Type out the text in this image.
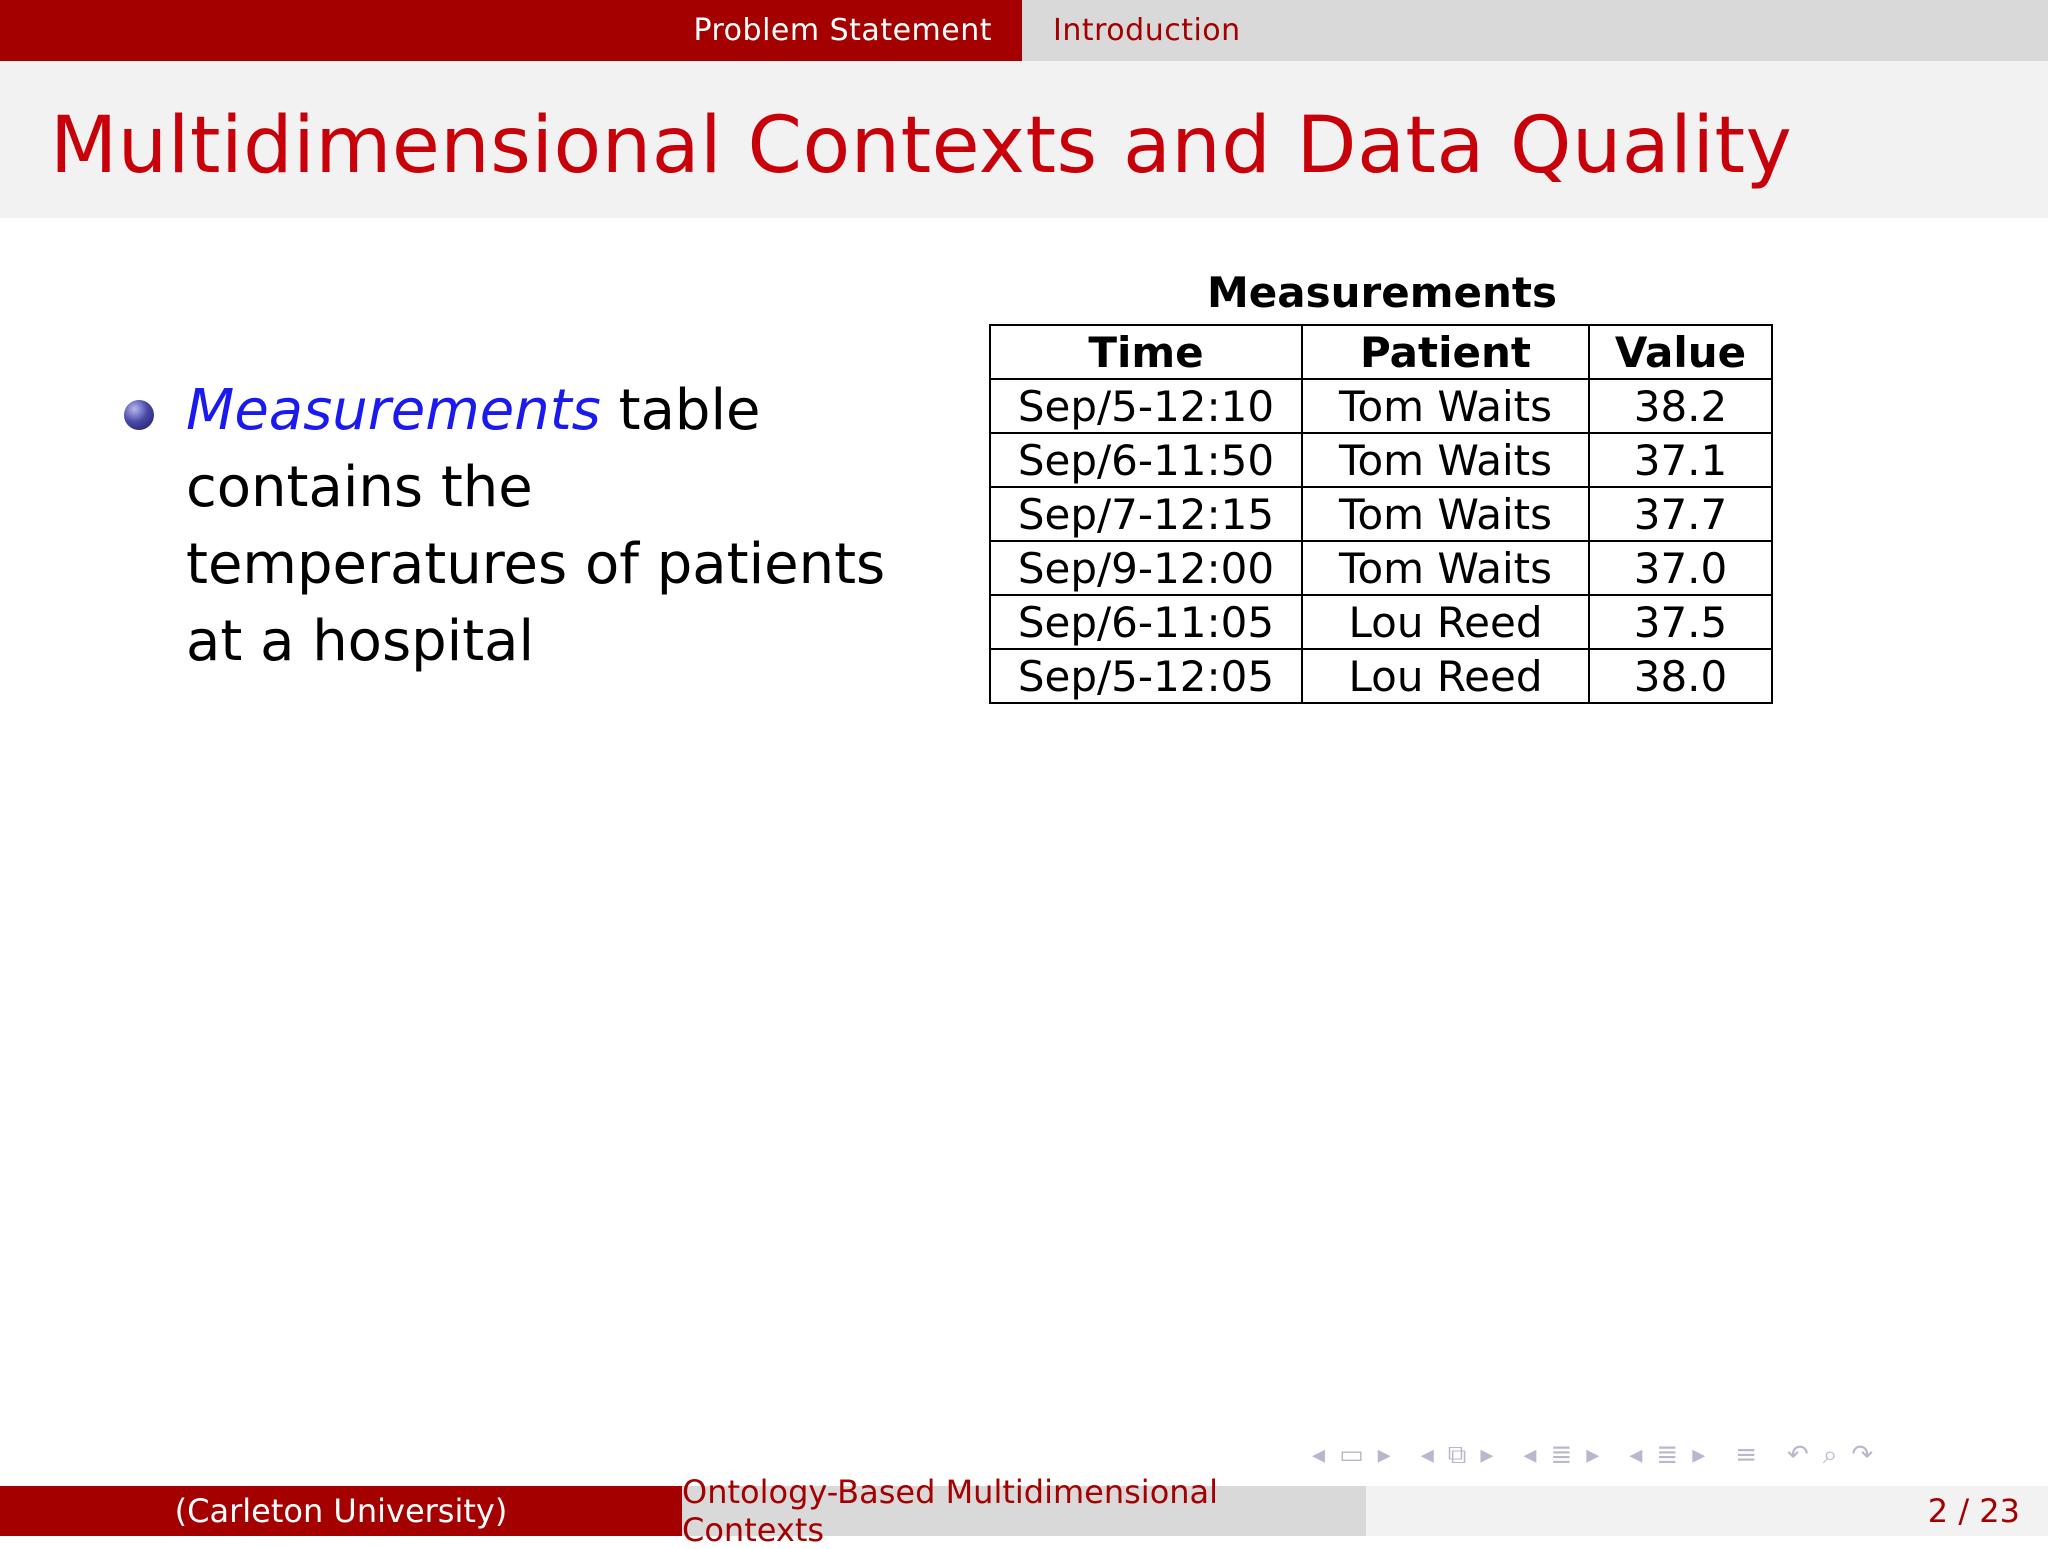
Problem Statement Introduction
Multidimensional Contexts and Data Quality
Measurements table contains the temperatures of patients at a hospital
Measurements
Time	Patient	Value
Sep/5-12:10	Tom Waits	38.2
Sep/6-11:50	Tom Waits	37.1
Sep/7-12:15	Tom Waits	37.7
Sep/9-12:00	Tom Waits	37.0
Sep/6-11:05	Lou Reed	37.5
Sep/5-12:05	Lou Reed	38.0
◂ ▭ ▸ ◂ ⧉ ▸ ◂ ≣ ▸ ◂ ≣ ▸ ≡ ↶ ⌕ ↷
(Carleton University)	Ontology-Based Multidimensional Contexts	2 / 23
